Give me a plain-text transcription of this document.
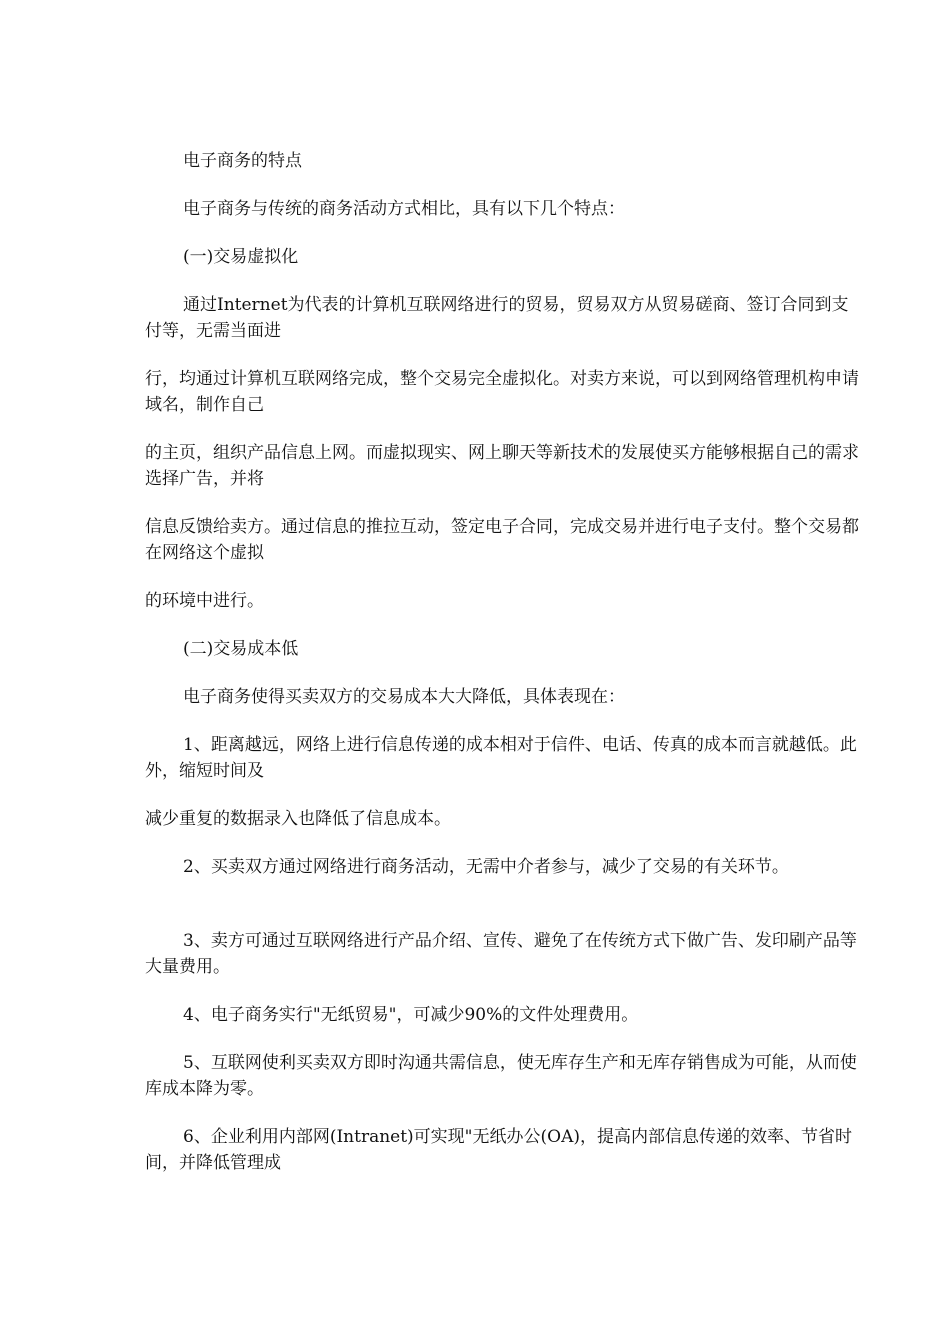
电子商务的特点

电子商务与传统的商务活动方式相比，具有以下几个特点：

(一)交易虚拟化

通过Internet为代表的计算机互联网络进行的贸易，贸易双方从贸易磋商、签订合同到支付等，无需当面进

行，均通过计算机互联网络完成，整个交易完全虚拟化。对卖方来说，可以到网络管理机构申请域名，制作自己

的主页，组织产品信息上网。而虚拟现实、网上聊天等新技术的发展使买方能够根据自己的需求选择广告，并将

信息反馈给卖方。通过信息的推拉互动，签定电子合同，完成交易并进行电子支付。整个交易都在网络这个虚拟

的环境中进行。

(二)交易成本低

电子商务使得买卖双方的交易成本大大降低，具体表现在：

1、距离越远，网络上进行信息传递的成本相对于信件、电话、传真的成本而言就越低。此外，缩短时间及

减少重复的数据录入也降低了信息成本。

2、买卖双方通过网络进行商务活动，无需中介者参与，减少了交易的有关环节。

3、卖方可通过互联网络进行产品介绍、宣传、避免了在传统方式下做广告、发印刷产品等大量费用。

4、电子商务实行"无纸贸易"，可减少90%的文件处理费用。

5、互联网使利买卖双方即时沟通共需信息，使无库存生产和无库存销售成为可能，从而使库成本降为零。

6、企业利用内部网(Intranet)可实现"无纸办公(OA)，提高内部信息传递的效率、节省时间，并降低管理成
